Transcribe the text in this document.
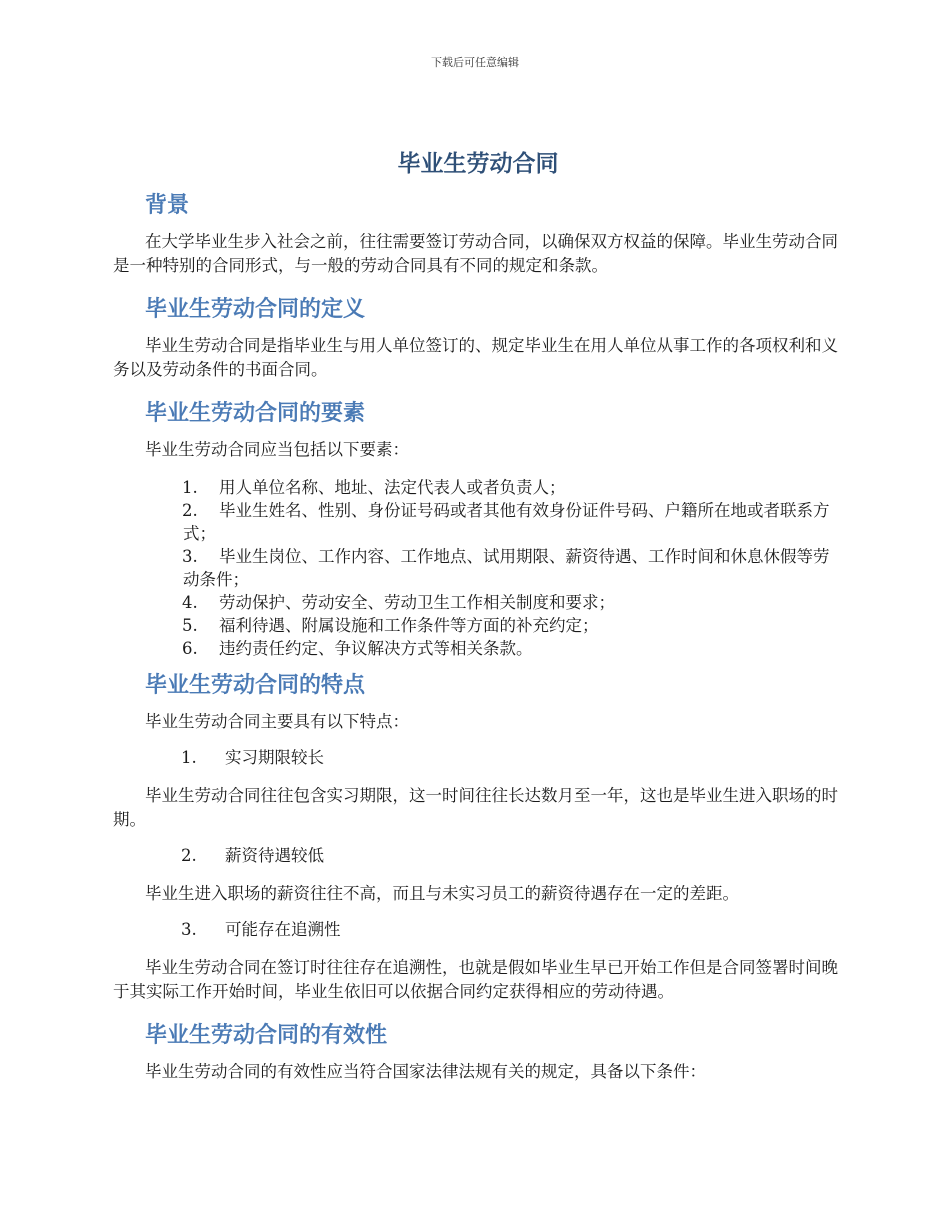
下载后可任意编辑
毕业生劳动合同
背景

在大学毕业生步入社会之前，往往需要签订劳动合同，以确保双方权益的保障。毕业生劳动合同是一种特别的合同形式，与一般的劳动合同具有不同的规定和条款。

毕业生劳动合同的定义

毕业生劳动合同是指毕业生与用人单位签订的、规定毕业生在用人单位从事工作的各项权利和义务以及劳动条件的书面合同。

毕业生劳动合同的要素

毕业生劳动合同应当包括以下要素：

1. 用人单位名称、地址、法定代表人或者负责人；
2. 毕业生姓名、性别、身份证号码或者其他有效身份证件号码、户籍所在地或者联系方式；
3. 毕业生岗位、工作内容、工作地点、试用期限、薪资待遇、工作时间和休息休假等劳动条件；
4. 劳动保护、劳动安全、劳动卫生工作相关制度和要求；
5. 福利待遇、附属设施和工作条件等方面的补充约定；
6. 违约责任约定、争议解决方式等相关条款。
毕业生劳动合同的特点

毕业生劳动合同主要具有以下特点：

1. 实习期限较长

毕业生劳动合同往往包含实习期限，这一时间往往长达数月至一年，这也是毕业生进入职场的时期。

2. 薪资待遇较低

毕业生进入职场的薪资往往不高，而且与未实习员工的薪资待遇存在一定的差距。

3. 可能存在追溯性

毕业生劳动合同在签订时往往存在追溯性，也就是假如毕业生早已开始工作但是合同签署时间晚于其实际工作开始时间，毕业生依旧可以依据合同约定获得相应的劳动待遇。

毕业生劳动合同的有效性

毕业生劳动合同的有效性应当符合国家法律法规有关的规定，具备以下条件：
